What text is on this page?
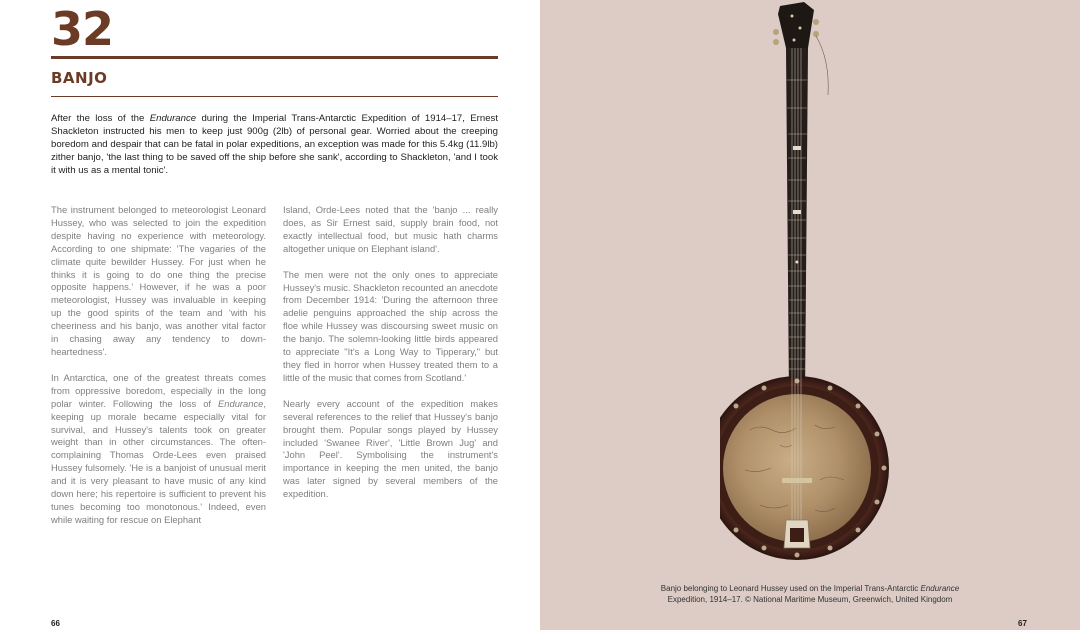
32
BANJO

After the loss of the Endurance during the Imperial Trans-Antarctic Expedition of 1914–17, Ernest Shackleton instructed his men to keep just 900g (2lb) of personal gear. Worried about the creeping boredom and despair that can be fatal in polar expeditions, an exception was made for this 5.4kg (11.9lb) zither banjo, 'the last thing to be saved off the ship before she sank', according to Shackleton, 'and I took it with us as a mental tonic'.

The instrument belonged to meteorologist Leonard Hussey, who was selected to join the expedition despite having no experience with meteorology. According to one shipmate: 'The vagaries of the climate quite bewilder Hussey. For just when he thinks it is going to do one thing the precise opposite happens.' However, if he was a poor meteorologist, Hussey was invaluable in keeping up the good spirits of the team and 'with his cheeriness and his banjo, was another vital factor in chasing away any tendency to down-heartedness'.

In Antarctica, one of the greatest threats comes from oppressive boredom, especially in the long polar winter. Following the loss of Endurance, keeping up morale became especially vital for survival, and Hussey's talents took on greater weight than in other circumstances. The often-complaining Thomas Orde-Lees even praised Hussey fulsomely. 'He is a banjoist of unusual merit and it is very pleasant to have music of any kind down here; his repertoire is sufficient to prevent his tunes becoming too monotonous.' Indeed, even while waiting for rescue on Elephant

Island, Orde-Lees noted that the 'banjo ... really does, as Sir Ernest said, supply brain food, not exactly intellectual food, but music hath charms altogether unique on Elephant island'.

The men were not the only ones to appreciate Hussey's music. Shackleton recounted an anecdote from December 1914: 'During the afternoon three adelie penguins approached the ship across the floe while Hussey was discoursing sweet music on the banjo. The solemn-looking little birds appeared to appreciate "It's a Long Way to Tipperary," but they fled in horror when Hussey treated them to a little of the music that comes from Scotland.'

Nearly every account of the expedition makes several references to the relief that Hussey's banjo brought them. Popular songs played by Hussey included 'Swanee River', 'Little Brown Jug' and 'John Peel'. Symbolising the instrument's importance in keeping the men united, the banjo was later signed by several members of the expedition.

66
Banjo belonging to Leonard Hussey used on the Imperial Trans-Antarctic Endurance
Expedition, 1914–17. © National Maritime Museum, Greenwich, United Kingdom
67
